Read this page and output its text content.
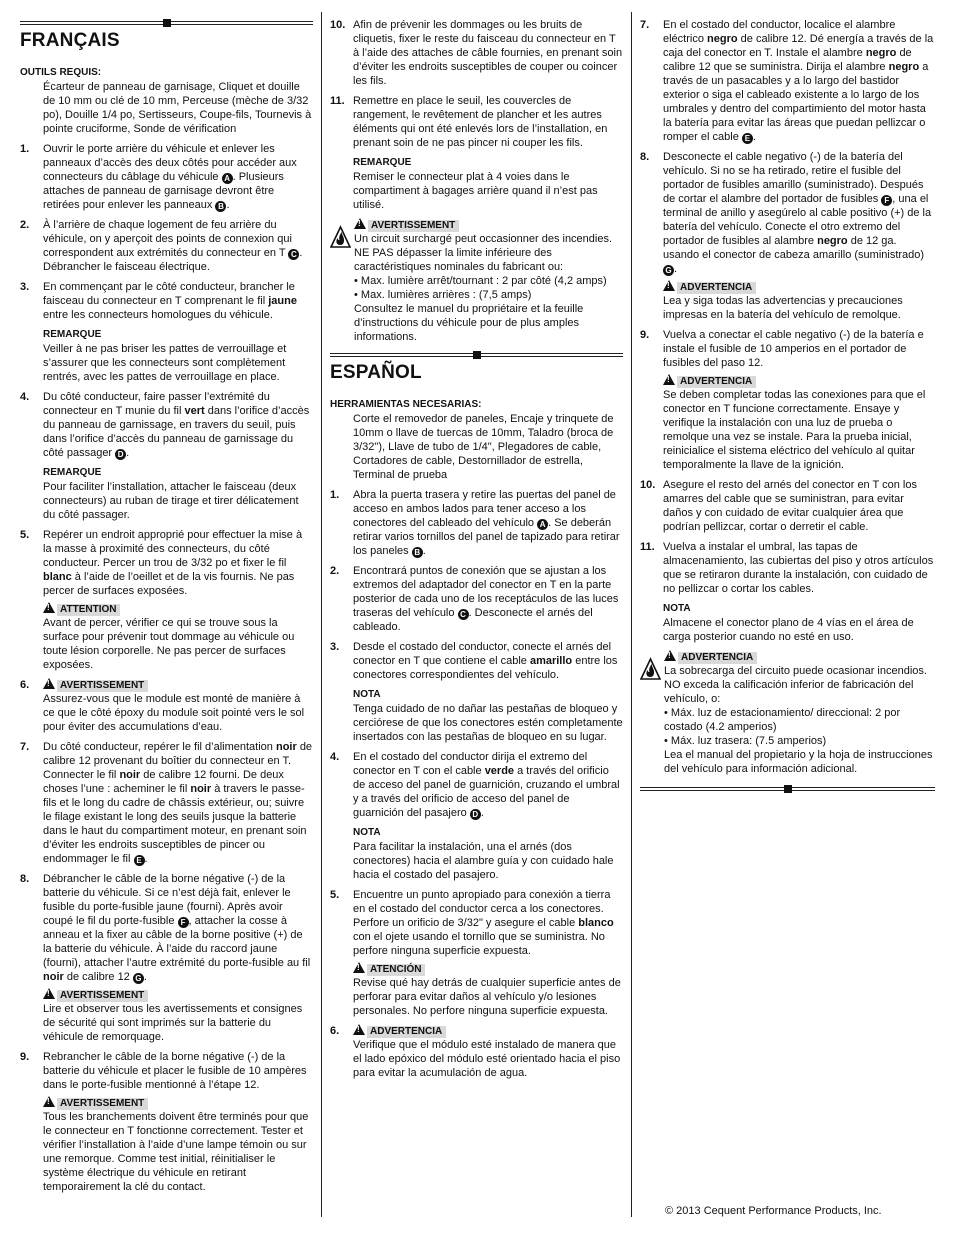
FRANÇAIS
OUTILS REQUIS:
Écarteur de panneau de garnisage, Cliquet et douille de 10 mm ou clé de 10 mm, Perceuse (mèche de 3/32 po), Douille 1/4 po, Sertisseurs, Coupe-fils, Tournevis à pointe cruciforme, Sonde de vérification
1. Ouvrir le porte arrière du véhicule et enlever les panneaux d’accès des deux côtés pour accéder aux connecteurs du câblage du véhicule A . Plusieurs attaches de panneau de garnisage devront être retirées pour enlever les panneaux B .
2. À l’arrière de chaque logement de feu arrière du véhicule, on y aperçoit des points de connexion qui correspondent aux extrémités du connecteur en T C . Débrancher le faisceau électrique.
3. En commençant par le côté conducteur, brancher le faisceau du connecteur en T comprenant le fil jaune entre les connecteurs homologues du véhicule.
REMARQUE
Veiller à ne pas briser les pattes de verrouillage et s’assurer que les connecteurs sont complètement rentrés, avec les pattes de verrouillage en place.
4. Du côté conducteur, faire passer l’extrémité du connecteur en T munie du fil vert dans l’orifice d’accès du panneau de garnissage, en travers du seuil, puis dans l’orifice d’accès du panneau de garnissage du côté passager D .
REMARQUE
Pour faciliter l’installation, attacher le faisceau (deux connecteurs) au ruban de tirage et tirer délicatement du côté passager.
5. Repérer un endroit approprié pour effectuer la mise à la masse à proximité des connecteurs, du côté conducteur. Percer un trou de 3/32 po et fixer le fil blanc à l’aide de l’oeillet et de la vis fournis. Ne pas percer de surfaces exposées.
!ATTENTION
Avant de percer, vérifier ce qui se trouve sous la surface pour prévenir tout dommage au véhicule ou toute lésion corporelle. Ne pas percer de surfaces exposées.
6. !	AVERTISSEMENT
Assurez-vous que le module est monté de manière à ce que le côté époxy du module soit pointé vers le sol pour éviter des accumulations d’eau.
7. Du côté conducteur, repérer le fil d’alimentation noir de calibre 12 provenant du boîtier du connecteur en T. Connecter le fil noir de calibre 12 fourni. De deux choses l’une : acheminer le fil noir à travers le passe-fils et le long du cadre de châssis extérieur, ou; suivre le filage existant le long des seuils jusque la batterie dans le haut du compartiment moteur, en prenant soin d’éviter les endroits susceptibles de pincer ou endommager le fil E .
8. Débrancher le câble de la borne négative (-) de la batterie du véhicule. Si ce n’est déjà fait, enlever le fusible du porte-fusible jaune (fourni). Après avoir coupé le fil du porte-fusible F , attacher la cosse à anneau et la fixer au câble de la borne positive (+) de la batterie du véhicule. À l’aide du raccord jaune (fourni), attacher l’autre extrémité du porte-fusible au fil noir de calibre 12 G .
!AVERTISSEMENT
Lire et observer tous les avertissements et consignes de sécurité qui sont imprimés sur la batterie du véhicule de remorquage.
9. Rebrancher le câble de la borne négative (-) de la batterie du véhicule et placer le fusible de 10 ampères dans le porte-fusible mentionné à l’étape 12.
!AVERTISSEMENT
Tous les branchements doivent être terminés pour que le connecteur en T fonctionne correctement. Tester et vérifier l’installation à l’aide d’une lampe témoin ou sur une remorque. Comme test initial, réinitialiser le système électrique du véhicule en retirant temporairement la clé du contact.
10. Afin de prévenir les dommages ou les bruits de cliquetis, fixer le reste du faisceau du connecteur en T à l’aide des attaches de câble fournies, en prenant soin d’éviter les endroits susceptibles de couper ou coincer les fils.
11. Remettre en place le seuil, les couvercles de rangement, le revêtement de plancher et les autres éléments qui ont été enlevés lors de l’installation, en prenant soin de ne pas pincer ni couper les fils.
REMARQUE
Remiser le connecteur plat à 4 voies dans le compartiment à bagages arrière quand il n’est pas utilisé.
!AVERTISSEMENT
Un circuit surchargé peut occasionner des incendies. NE PAS dépasser la limite inférieure des caractéristiques nominales du fabricant ou:
• Max. lumière arrêt/tournant : 2 par côté (4,2 amps)
• Max. lumières arrières : (7,5 amps)
Consultez le manuel du propriétaire et la feuille d’instructions du véhicule pour de plus amples informations.
ESPAÑOL
HERRAMIENTAS NECESARIAS:
Corte el removedor de paneles, Encaje y trinquete de 10mm o llave de tuercas de 10mm, Taladro (broca de 3/32"), Llave de tubo de 1/4", Plegadores de cable, Cortadores de cable, Destornillador de estrella, Terminal de prueba
1. Abra la puerta trasera y retire las puertas del panel de acceso en ambos lados para tener acceso a los conectores del cableado del vehículo A . Se deberán retirar varios tornillos del panel de tapizado para retirar los paneles B .
2. Encontrará puntos de conexión que se ajustan a los extremos del adaptador del conector en T en la parte posterior de cada uno de los receptáculos de las luces traseras del vehículo C . Desconecte el arnés del cableado.
3. Desde el costado del conductor, conecte el arnés del conector en T que contiene el cable amarillo entre los conectores correspondientes del vehículo.
NOTA
Tenga cuidado de no dañar las pestañas de bloqueo y cerciórese de que los conectores estén completamente insertados con las pestañas de bloqueo en su lugar.
4. En el costado del conductor dirija el extremo del conector en T con el cable verde a través del orificio de acceso del panel de guarnición, cruzando el umbral y a través del orificio de acceso del panel de guarnición del pasajero D .
NOTA
Para facilitar la instalación, una el arnés (dos conectores) hacia el alambre guía y con cuidado hale hacia el costado del pasajero.
5. Encuentre un punto apropiado para conexión a tierra en el costado del conductor cerca a los conectores. Perfore un orificio de 3/32" y asegure el cable blanco con el ojete usando el tornillo que se suministra. No perfore ninguna superficie expuesta.
!ATENCIÓN
Revise qué hay detrás de cualquier superficie antes de perforar para evitar daños al vehículo y/o lesiones personales. No perfore ninguna superficie expuesta.
6. !	ADVERTENCIA
Verifique que el módulo esté instalado de manera que el lado epóxico del módulo esté orientado hacia el piso para evitar la acumulación de agua.
7. En el costado del conductor, localice el alambre eléctrico negro de calibre 12. Dé energía a través de la caja del conector en T. Instale el alambre negro de calibre 12 que se suministra. Dirija el alambre negro a través de un pasacables y a lo largo del bastidor exterior o siga el cableado existente a lo largo de los umbrales y dentro del compartimiento del motor hasta la batería para evitar las áreas que puedan pellizcar o romper el cable E .
8. Desconecte el cable negativo (-) de la batería del vehículo. Si no se ha retirado, retire el fusible del portador de fusibles amarillo (suministrado). Después de cortar el alambre del portador de fusibles F , una el terminal de anillo y asegúrelo al cable positivo (+) de la batería del vehículo. Conecte el otro extremo del portador de fusibles al alambre negro de 12 ga. usando el conector de cabeza amarillo (suministrado) G .
!ADVERTENCIA
Lea y siga todas las advertencias y precauciones impresas en la batería del vehículo de remolque.
9. Vuelva a conectar el cable negativo (-) de la batería e instale el fusible de 10 amperios en el portador de fusibles del paso 12.
!ADVERTENCIA
Se deben completar todas las conexiones para que el conector en T funcione correctamente. Ensaye y verifique la instalación con una luz de prueba o remolque una vez se instale. Para la prueba inicial, reinicialice el sistema eléctrico del vehículo al quitar temporalmente la llave de la ignición.
10. Asegure el resto del arnés del conector en T con los amarres del cable que se suministran, para evitar daños y con cuidado de evitar cualquier área que podrían pellizcar, cortar o derretir el cable.
11. Vuelva a instalar el umbral, las tapas de almacenamiento, las cubiertas del piso y otros artículos que se retiraron durante la instalación, con cuidado de no pellizcar o cortar los cables.
NOTA
Almacene el conector plano de 4 vías en el área de carga posterior cuando no esté en uso.
!ADVERTENCIA
La sobrecarga del circuito puede ocasionar incendios. NO exceda la calificación inferior de fabricación del vehículo, o:
• Máx. luz de estacionamiento/ direccional: 2 por costado (4.2 amperios)
• Máx. luz trasera: (7.5 amperios)
Lea el manual del propietario y la hoja de instrucciones del vehículo para información adicional.
© 2013 Cequent Performance Products, Inc.
